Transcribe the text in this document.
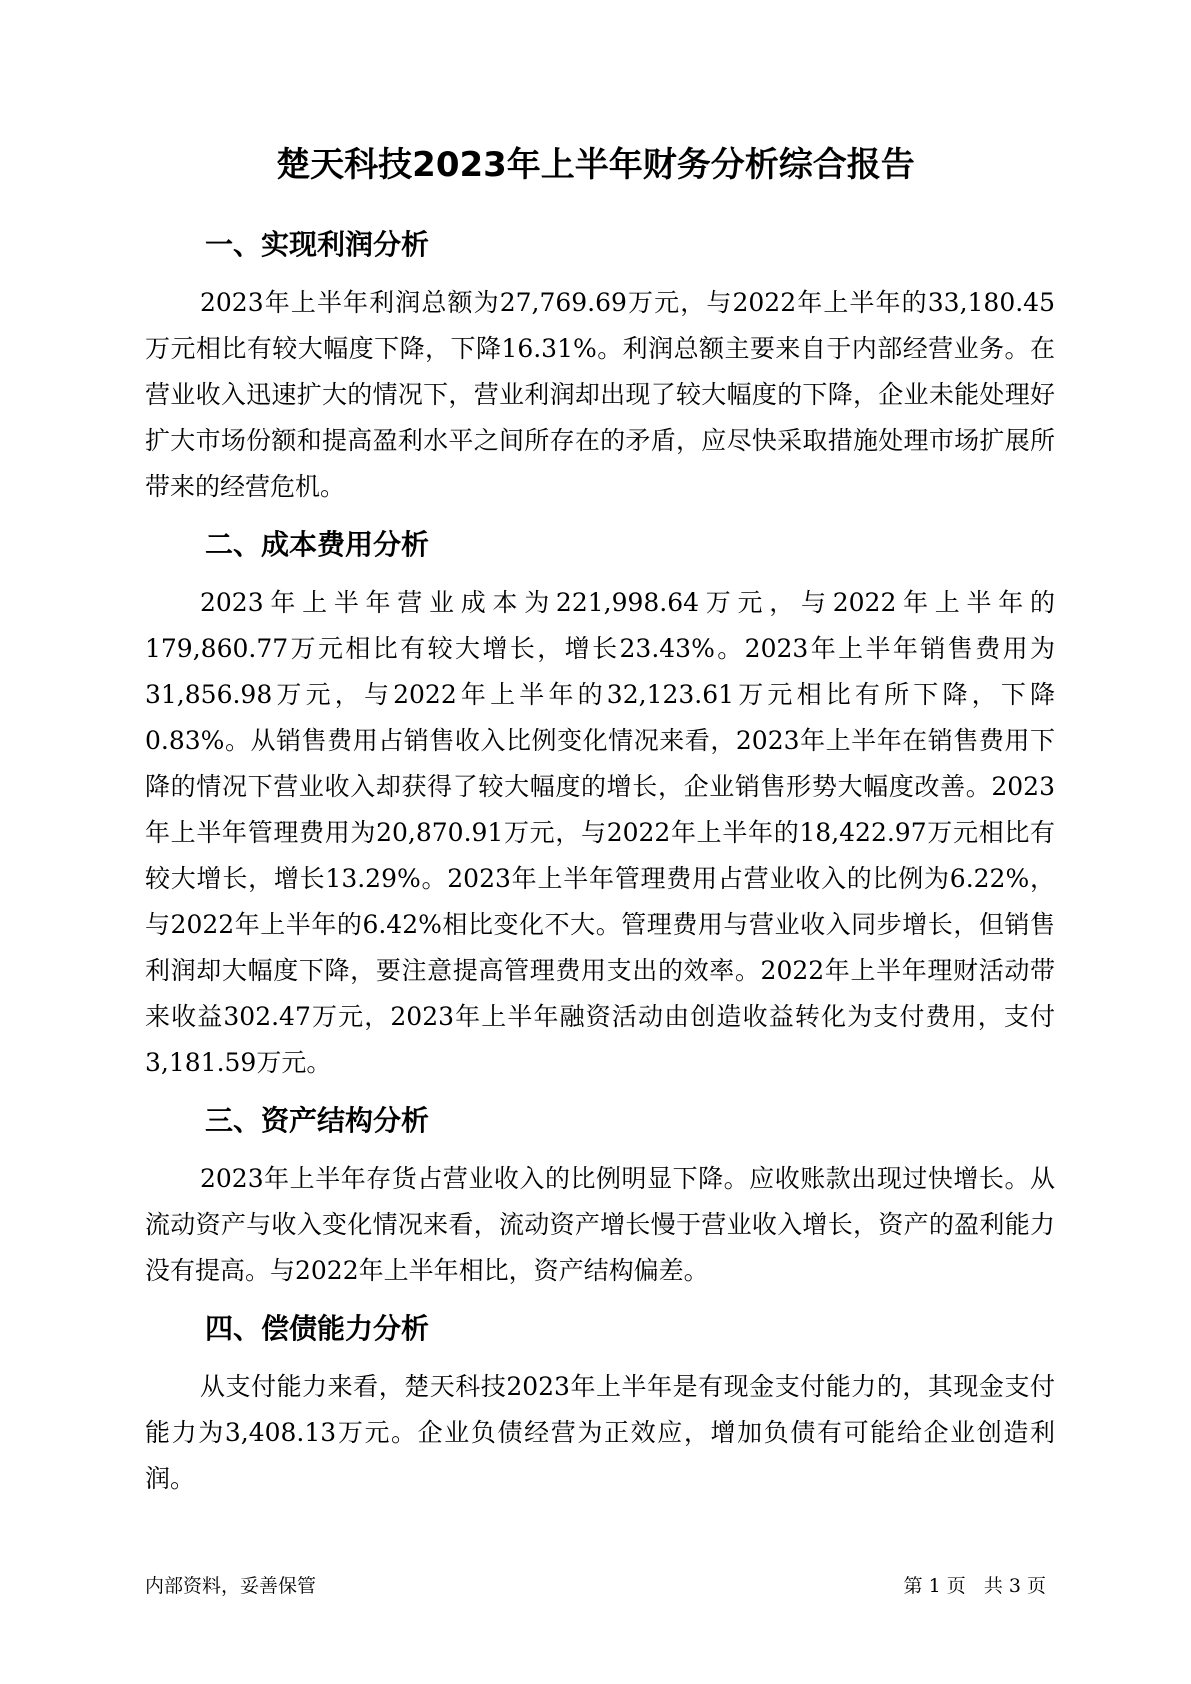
楚天科技2023年上半年财务分析综合报告
一、实现利润分析

2023年上半年利润总额为27,769.69万元，与2022年上半年的33,180.45万元相比有较大幅度下降，下降16.31%。利润总额主要来自于内部经营业务。在营业收入迅速扩大的情况下，营业利润却出现了较大幅度的下降，企业未能处理好扩大市场份额和提高盈利水平之间所存在的矛盾，应尽快采取措施处理市场扩展所带来的经营危机。

二、成本费用分析

2023年上半年营业成本为221,998.64万元，与2022年上半年的179,860.77万元相比有较大增长，增长23.43%。2023年上半年销售费用为31,856.98万元，与2022年上半年的32,123.61万元相比有所下降，下降0.83%。从销售费用占销售收入比例变化情况来看，2023年上半年在销售费用下降的情况下营业收入却获得了较大幅度的增长，企业销售形势大幅度改善。2023年上半年管理费用为20,870.91万元，与2022年上半年的18,422.97万元相比有较大增长，增长13.29%。2023年上半年管理费用占营业收入的比例为6.22%，与2022年上半年的6.42%相比变化不大。管理费用与营业收入同步增长，但销售利润却大幅度下降，要注意提高管理费用支出的效率。2022年上半年理财活动带来收益302.47万元，2023年上半年融资活动由创造收益转化为支付费用，支付3,181.59万元。

三、资产结构分析

2023年上半年存货占营业收入的比例明显下降。应收账款出现过快增长。从流动资产与收入变化情况来看，流动资产增长慢于营业收入增长，资产的盈利能力没有提高。与2022年上半年相比，资产结构偏差。

四、偿债能力分析

从支付能力来看，楚天科技2023年上半年是有现金支付能力的，其现金支付能力为3,408.13万元。企业负债经营为正效应，增加负债有可能给企业创造利润。

内部资料，妥善保管	第 1 页   共 3 页
